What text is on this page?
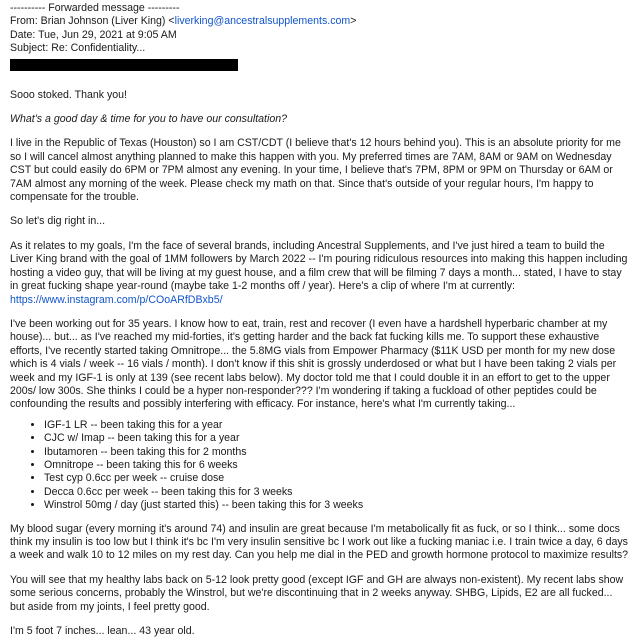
---------- Forwarded message ---------
From: Brian Johnson (Liver King) <liverking@ancestralsupplements.com>
Date: Tue, Jun 29, 2021 at 9:05 AM
Subject: Re: Confidentiality...

Sooo stoked. Thank you!

What's a good day & time for you to have our consultation?

I live in the Republic of Texas (Houston) so I am CST/CDT (I believe that's 12 hours behind you). This is an absolute priority for me so I will cancel almost anything planned to make this happen with you. My preferred times are 7AM, 8AM or 9AM on Wednesday CST but could easily do 6PM or 7PM almost any evening. In your time, I believe that's 7PM, 8PM or 9PM on Thursday or 6AM or 7AM almost any morning of the week. Please check my math on that. Since that's outside of your regular hours, I'm happy to compensate for the trouble.

So let's dig right in...

As it relates to my goals, I'm the face of several brands, including Ancestral Supplements, and I've just hired a team to build the Liver King brand with the goal of 1MM followers by March 2022 -- I'm pouring ridiculous resources into making this happen including hosting a video guy, that will be living at my guest house, and a film crew that will be filming 7 days a month... stated, I have to stay in great fucking shape year-round (maybe take 1-2 months off / year). Here's a clip of where I'm at currently: https://www.instagram.com/p/COoARfDBxb5/

I've been working out for 35 years. I know how to eat, train, rest and recover (I even have a hardshell hyperbaric chamber at my house)... but... as I've reached my mid-forties, it's getting harder and the back fat fucking kills me. To support these exhaustive efforts, I've recently started taking Omnitrope... the 5.8MG vials from Empower Pharmacy ($11K USD per month for my new dose which is 4 vials / week -- 16 vials / month). I don't know if this shit is grossly underdosed or what but I have been taking 2 vials per week and my IGF-1 is only at 139 (see recent labs below). My doctor told me that I could double it in an effort to get to the upper 200s/ low 300s. She thinks I could be a hyper non-responder??? I'm wondering if taking a fuckload of other peptides could be confounding the results and possibly interfering with efficacy. For instance, here's what I'm currently taking...

• IGF-1 LR -- been taking this for a year
• CJC w/ Imap -- been taking this for a year
• Ibutamoren -- been taking this for 2 months
• Omnitrope -- been taking this for 6 weeks
• Test cyp 0.6cc per week -- cruise dose
• Decca 0.6cc per week -- been taking this for 3 weeks
• Winstrol 50mg / day (just started this) -- been taking this for 3 weeks

My blood sugar (every morning it's around 74) and insulin are great because I'm metabolically fit as fuck, or so I think... some docs think my insulin is too low but I think it's bc I'm very insulin sensitive bc I work out like a fucking maniac i.e. I train twice a day, 6 days a week and walk 10 to 12 miles on my rest day. Can you help me dial in the PED and growth hormone protocol to maximize results?

You will see that my healthy labs back on 5-12 look pretty good (except IGF and GH are always non-existent). My recent labs show some serious concerns, probably the Winstrol, but we're discontinuing that in 2 weeks anyway. SHBG, Lipids, E2 are all fucked... but aside from my joints, I feel pretty good.

I'm 5 foot 7 inches... lean... 43 year old.
